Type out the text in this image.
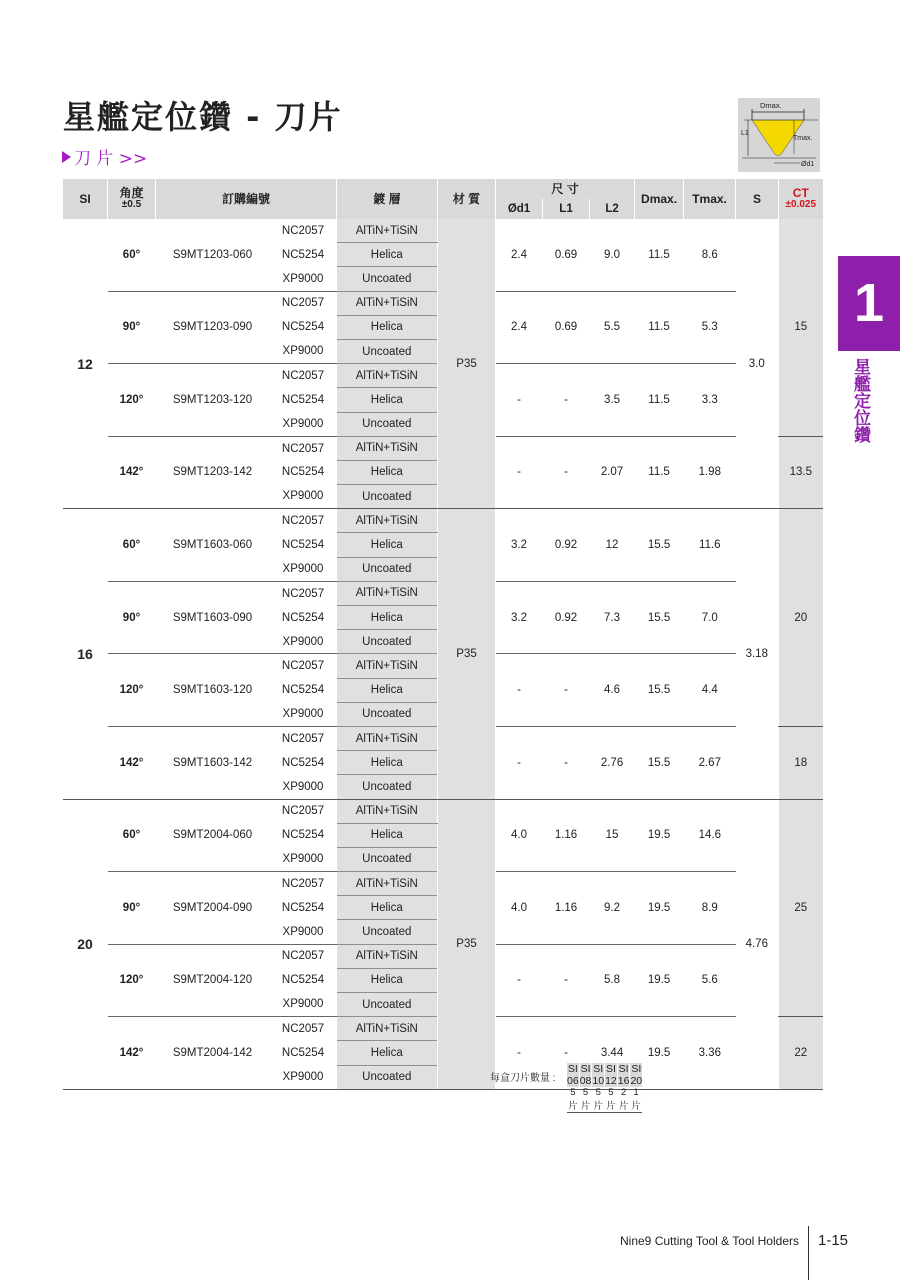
星艦定位鑽 - 刀片
刀 片 >>
Dmax.
L1
Tmax.
Ød1
SI	角度
±0.5	訂購編號		鍍 層	材 質	尺 寸			Dmax.	Tmax.	S	CT
±0.025

						Ød1	L1	L2				
12	60°	S9MT1203-060	NC2057	AlTiN+TiSiN	P35	2.4	0.69	9.0	11.5	8.6	3.0	15
			NC5254	Helica								
			XP9000	Uncoated								
	90°	S9MT1203-090	NC2057	AlTiN+TiSiN		2.4	0.69	5.5	11.5	5.3		
			NC5254	Helica								
			XP9000	Uncoated								
	120°	S9MT1203-120	NC2057	AlTiN+TiSiN		-	-	3.5	11.5	3.3		
			NC5254	Helica								
			XP9000	Uncoated								
	142°	S9MT1203-142	NC2057	AlTiN+TiSiN		-	-	2.07	11.5	1.98		13.5
			NC5254	Helica								
			XP9000	Uncoated								
16	60°	S9MT1603-060	NC2057	AlTiN+TiSiN	P35	3.2	0.92	12	15.5	11.6	3.18	20
			NC5254	Helica								
			XP9000	Uncoated								
	90°	S9MT1603-090	NC2057	AlTiN+TiSiN		3.2	0.92	7.3	15.5	7.0		
			NC5254	Helica								
			XP9000	Uncoated								
	120°	S9MT1603-120	NC2057	AlTiN+TiSiN		-	-	4.6	15.5	4.4		
			NC5254	Helica								
			XP9000	Uncoated								
	142°	S9MT1603-142	NC2057	AlTiN+TiSiN		-	-	2.76	15.5	2.67		18
			NC5254	Helica								
			XP9000	Uncoated								
20	60°	S9MT2004-060	NC2057	AlTiN+TiSiN	P35	4.0	1.16	15	19.5	14.6	4.76	25
			NC5254	Helica								
			XP9000	Uncoated								
	90°	S9MT2004-090	NC2057	AlTiN+TiSiN		4.0	1.16	9.2	19.5	8.9		
			NC5254	Helica								
			XP9000	Uncoated								
	120°	S9MT2004-120	NC2057	AlTiN+TiSiN		-	-	5.8	19.5	5.6		
			NC5254	Helica								
			XP9000	Uncoated								
	142°	S9MT2004-142	NC2057	AlTiN+TiSiN		-	-	3.44	19.5	3.36		22
			NC5254	Helica								
			XP9000	Uncoated									每盒刀片數量 :
SI 06	SI 08	SI 10	SI 12	SI 16	SI 20
5 片	5 片	5 片	5 片	2 片	1 片
1
星艦定位鑽
Nine9 Cutting Tool & Tool Holders 1-15
